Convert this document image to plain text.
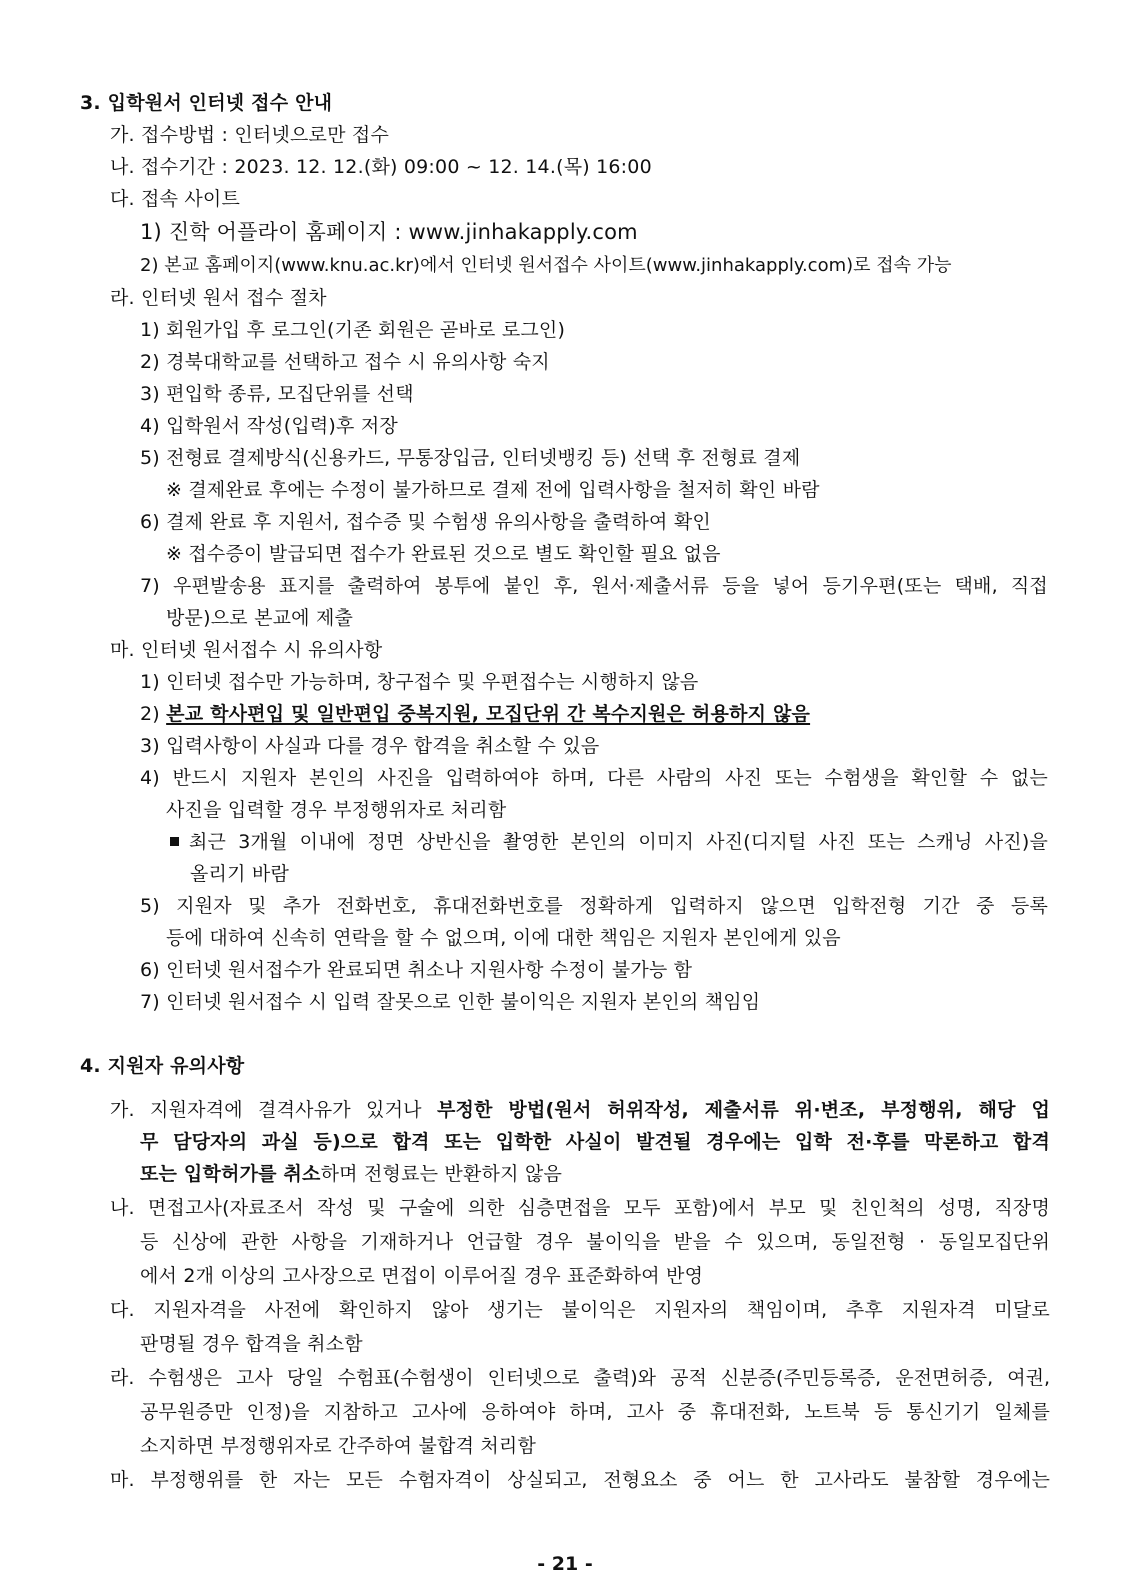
3. 입학원서 인터넷 접수 안내
가. 접수방법 : 인터넷으로만 접수
나. 접수기간 : 2023. 12. 12.(화) 09:00 ~ 12. 14.(목) 16:00
다. 접속 사이트
1) 진학 어플라이 홈페이지 : www.jinhakapply.com
2) 본교 홈페이지(www.knu.ac.kr)에서 인터넷 원서접수 사이트(www.jinhakapply.com)로 접속 가능
라. 인터넷 원서 접수 절차
1) 회원가입 후 로그인(기존 회원은 곧바로 로그인)
2) 경북대학교를 선택하고 접수 시 유의사항 숙지
3) 편입학 종류, 모집단위를 선택
4) 입학원서 작성(입력)후 저장
5) 전형료 결제방식(신용카드, 무통장입금, 인터넷뱅킹 등) 선택 후 전형료 결제
※ 결제완료 후에는 수정이 불가하므로 결제 전에 입력사항을 철저히 확인 바람
6) 결제 완료 후 지원서, 접수증 및 수험생 유의사항을 출력하여 확인
※ 접수증이 발급되면 접수가 완료된 것으로 별도 확인할 필요 없음
7) 우편발송용 표지를 출력하여 봉투에 붙인 후, 원서·제출서류 등을 넣어 등기우편(또는 택배, 직접
방문)으로 본교에 제출
마. 인터넷 원서접수 시 유의사항
1) 인터넷 접수만 가능하며, 창구접수 및 우편접수는 시행하지 않음
2) 본교 학사편입 및 일반편입 중복지원, 모집단위 간 복수지원은 허용하지 않음
3) 입력사항이 사실과 다를 경우 합격을 취소할 수 있음
4) 반드시 지원자 본인의 사진을 입력하여야 하며, 다른 사람의 사진 또는 수험생을 확인할 수 없는
사진을 입력할 경우 부정행위자로 처리함
최근 3개월 이내에 정면 상반신을 촬영한 본인의 이미지 사진(디지털 사진 또는 스캐닝 사진)을
올리기 바람
5) 지원자 및 추가 전화번호, 휴대전화번호를 정확하게 입력하지 않으면 입학전형 기간 중 등록
등에 대하여 신속히 연락을 할 수 없으며, 이에 대한 책임은 지원자 본인에게 있음
6) 인터넷 원서접수가 완료되면 취소나 지원사항 수정이 불가능 함
7) 인터넷 원서접수 시 입력 잘못으로 인한 불이익은 지원자 본인의 책임임
4. 지원자 유의사항
가. 지원자격에 결격사유가 있거나 부정한 방법(원서 허위작성, 제출서류 위·변조, 부정행위, 해당 업
무 담당자의 과실 등)으로 합격 또는 입학한 사실이 발견될 경우에는 입학 전·후를 막론하고 합격
또는 입학허가를 취소하며 전형료는 반환하지 않음
나. 면접고사(자료조서 작성 및 구술에 의한 심층면접을 모두 포함)에서 부모 및 친인척의 성명, 직장명
등 신상에 관한 사항을 기재하거나 언급할 경우 불이익을 받을 수 있으며, 동일전형 · 동일모집단위
에서 2개 이상의 고사장으로 면접이 이루어질 경우 표준화하여 반영
다. 지원자격을 사전에 확인하지 않아 생기는 불이익은 지원자의 책임이며, 추후 지원자격 미달로
판명될 경우 합격을 취소함
라. 수험생은 고사 당일 수험표(수험생이 인터넷으로 출력)와 공적 신분증(주민등록증, 운전면허증, 여권,
공무원증만 인정)을 지참하고 고사에 응하여야 하며, 고사 중 휴대전화, 노트북 등 통신기기 일체를
소지하면 부정행위자로 간주하여 불합격 처리함
마. 부정행위를 한 자는 모든 수험자격이 상실되고, 전형요소 중 어느 한 고사라도 불참할 경우에는
- 21 -
